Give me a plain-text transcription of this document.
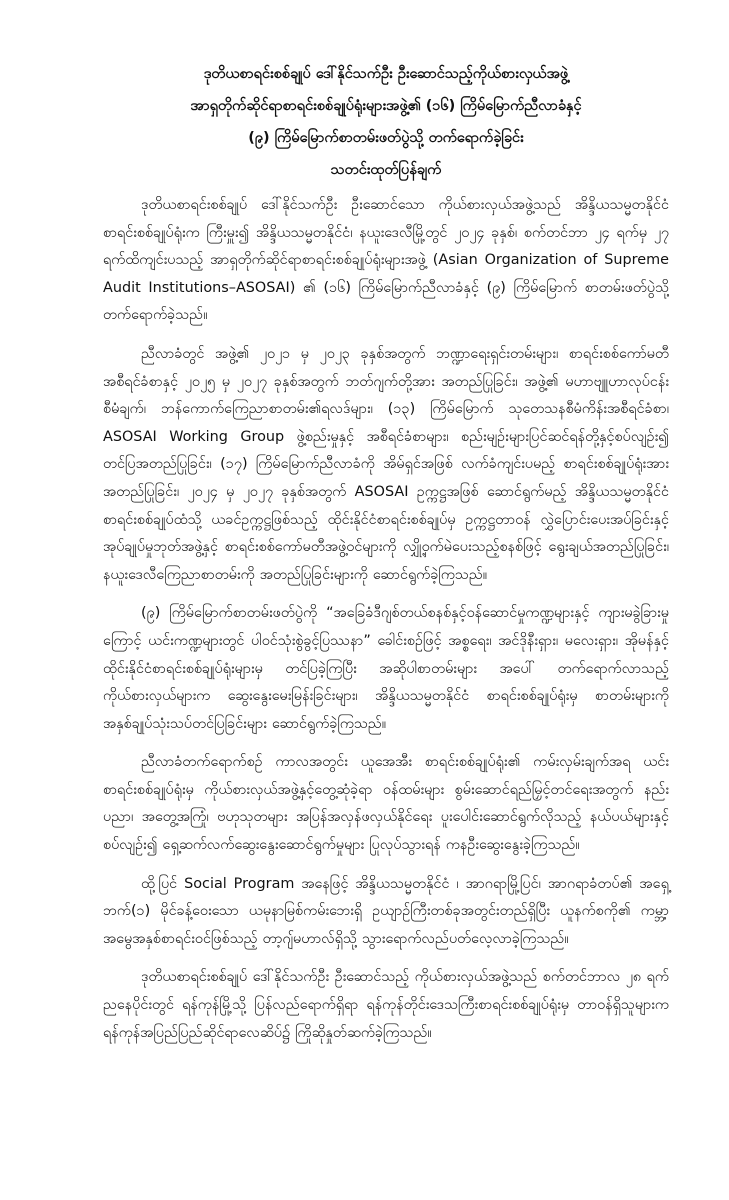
ဒုတိယစာရင်းစစ်ချုပ် ဒေါ်နိုင်သက်ဦး ဦးဆောင်သည့်ကိုယ်စားလှယ်အဖွဲ့
အာရှတိုက်ဆိုင်ရာစာရင်းစစ်ချုပ်ရုံးများအဖွဲ့၏ (၁၆) ကြိမ်မြောက်ညီလာခံနှင့်
(၉) ကြိမ်မြောက်စာတမ်းဖတ်ပွဲသို့ တက်ရောက်ခဲ့ခြင်း
သတင်းထုတ်ပြန်ချက်

ဒုတိယစာရင်းစစ်ချုပ် ဒေါ်နိုင်သက်ဦး ဦးဆောင်သော ကိုယ်စားလှယ်အဖွဲ့သည် အိန္ဒိယသမ္မတနိုင်ငံစာရင်းစစ်ချုပ်ရုံးက ကြီးမှူး၍ အိန္ဒိယသမ္မတနိုင်ငံ၊ နယူးဒေလီမြို့တွင် ၂၀၂၄ ခုနှစ်၊ စက်တင်ဘာ ၂၄ ရက်မှ ၂၇ ရက်ထိကျင်းပသည့် အာရှတိုက်ဆိုင်ရာစာရင်းစစ်ချုပ်ရုံးများအဖွဲ့ (Asian Organization of Supreme Audit Institutions–ASOSAI) ၏ (၁၆) ကြိမ်မြောက်ညီလာခံနှင့် (၉) ကြိမ်မြောက် စာတမ်းဖတ်ပွဲသို့ တက်ရောက်ခဲ့သည်။

ညီလာခံတွင် အဖွဲ့၏ ၂၀၂၁ မှ ၂၀၂၃ ခုနှစ်အတွက် ဘဏ္ဍာရေးရှင်းတမ်းများ၊ စာရင်းစစ်ကော်မတီအစီရင်ခံစာနှင့် ၂၀၂၅ မှ ၂၀၂၇ ခုနှစ်အတွက် ဘတ်ဂျက်တို့အား အတည်ပြုခြင်း၊ အဖွဲ့၏ မဟာဗျူဟာလုပ်ငန်းစီမံချက်၊ ဘန်ကောက်ကြေညာစာတမ်း၏ရလဒ်များ၊ (၁၃) ကြိမ်မြောက် သုတေသနစီမံကိန်းအစီရင်ခံစာ၊ ASOSAI Working Group ဖွဲ့စည်းမှုနှင့် အစီရင်ခံစာများ၊ စည်းမျဉ်းများပြင်ဆင်ရန်တို့နှင့်စပ်လျဉ်း၍ တင်ပြအတည်ပြုခြင်း၊ (၁၇) ကြိမ်မြောက်ညီလာခံကို အိမ်ရှင်အဖြစ် လက်ခံကျင်းပမည့် စာရင်းစစ်ချုပ်ရုံးအား အတည်ပြုခြင်း၊ ၂၀၂၄ မှ ၂၀၂၇ ခုနှစ်အတွက် ASOSAI ဥက္ကဋ္ဌအဖြစ် ဆောင်ရွက်မည့် အိန္ဒိယသမ္မတနိုင်ငံစာရင်းစစ်ချုပ်ထံသို့ ယခင်ဥက္ကဋ္ဌဖြစ်သည့် ထိုင်းနိုင်ငံစာရင်းစစ်ချုပ်မှ ဥက္ကဋ္ဌတာဝန် လွှဲပြောင်းပေးအပ်ခြင်းနှင့် အုပ်ချုပ်မှုဘုတ်အဖွဲ့နှင့် စာရင်းစစ်ကော်မတီအဖွဲ့ဝင်များကို လျှို့ဝှက်မဲပေးသည့်စနစ်ဖြင့် ရွေးချယ်အတည်ပြုခြင်း၊ နယူးဒေလီကြေညာစာတမ်းကို အတည်ပြုခြင်းများကို ဆောင်ရွက်ခဲ့ကြသည်။

(၉) ကြိမ်မြောက်စာတမ်းဖတ်ပွဲကို “အခြေခံဒီဂျစ်တယ်စနစ်နှင့်ဝန်ဆောင်မှုကဏ္ဍများနှင့် ကျားမခွဲခြားမှုကြောင့် ယင်းကဏ္ဍများတွင် ပါဝင်သုံးစွဲခွင့်ပြဿနာ” ခေါင်းစဉ်ဖြင့် အစ္စရေး၊ အင်ဒိုနီးရှား၊ မလေးရှား၊ အိုမန်နှင့် ထိုင်းနိုင်ငံစာရင်းစစ်ချုပ်ရုံးများမှ တင်ပြခဲ့ကြပြီး အဆိုပါစာတမ်းများ အပေါ် တက်ရောက်လာသည့် ကိုယ်စားလှယ်များက ဆွေးနွေးမေးမြန်းခြင်းများ၊ အိန္ဒိယသမ္မတနိုင်ငံ စာရင်းစစ်ချုပ်ရုံးမှ စာတမ်းများကို အနှစ်ချုပ်သုံးသပ်တင်ပြခြင်းများ ဆောင်ရွက်ခဲ့ကြသည်။

ညီလာခံတက်ရောက်စဉ် ကာလအတွင်း ယူအေအီး စာရင်းစစ်ချုပ်ရုံး၏ ကမ်းလှမ်းချက်အရ ယင်းစာရင်းစစ်ချုပ်ရုံးမှ ကိုယ်စားလှယ်အဖွဲ့နှင့်တွေ့ဆုံခဲ့ရာ ဝန်ထမ်းများ စွမ်းဆောင်ရည်မြှင့်တင်ရေးအတွက် နည်းပညာ၊ အတွေ့အကြုံ၊ ဗဟုသုတများ အပြန်အလှန်ဖလှယ်နိုင်ရေး ပူးပေါင်းဆောင်ရွက်လိုသည့် နယ်ပယ်များနှင့်စပ်လျဉ်း၍ ရှေ့ဆက်လက်ဆွေးနွေးဆောင်ရွက်မှုများ ပြုလုပ်သွားရန် ကနဦးဆွေးနွေးခဲ့ကြသည်။

ထို့ပြင် Social Program အနေဖြင့် အိန္ဒိယသမ္မတနိုင်ငံ ၊ အာဂရာမြို့ပြင်၊ အာဂရာခံတပ်၏ အရှေ့ဘက်(၁) မိုင်ခန့်ဝေးသော ယမုနာမြစ်ကမ်းဘေးရှိ ဥယျာဉ်ကြီးတစ်ခုအတွင်းတည်ရှိပြီး ယူနက်စကို၏ ကမ္ဘာ့အမွေအနှစ်စာရင်းဝင်ဖြစ်သည့် တာ့ဂျ်မဟာလ်ရှိသို့ သွားရောက်လည်ပတ်လေ့လာခဲ့ကြသည်။

ဒုတိယစာရင်းစစ်ချုပ် ဒေါ်နိုင်သက်ဦး ဦးဆောင်သည့် ကိုယ်စားလှယ်အဖွဲ့သည် စက်တင်ဘာလ ၂၈ ရက် ညနေပိုင်းတွင် ရန်ကုန်မြို့သို့ ပြန်လည်ရောက်ရှိရာ ရန်ကုန်တိုင်းဒေသကြီးစာရင်းစစ်ချုပ်ရုံးမှ တာဝန်ရှိသူများက ရန်ကုန်အပြည်ပြည်ဆိုင်ရာလေဆိပ်၌ ကြိုဆိုနှုတ်ဆက်ခဲ့ကြသည်။
